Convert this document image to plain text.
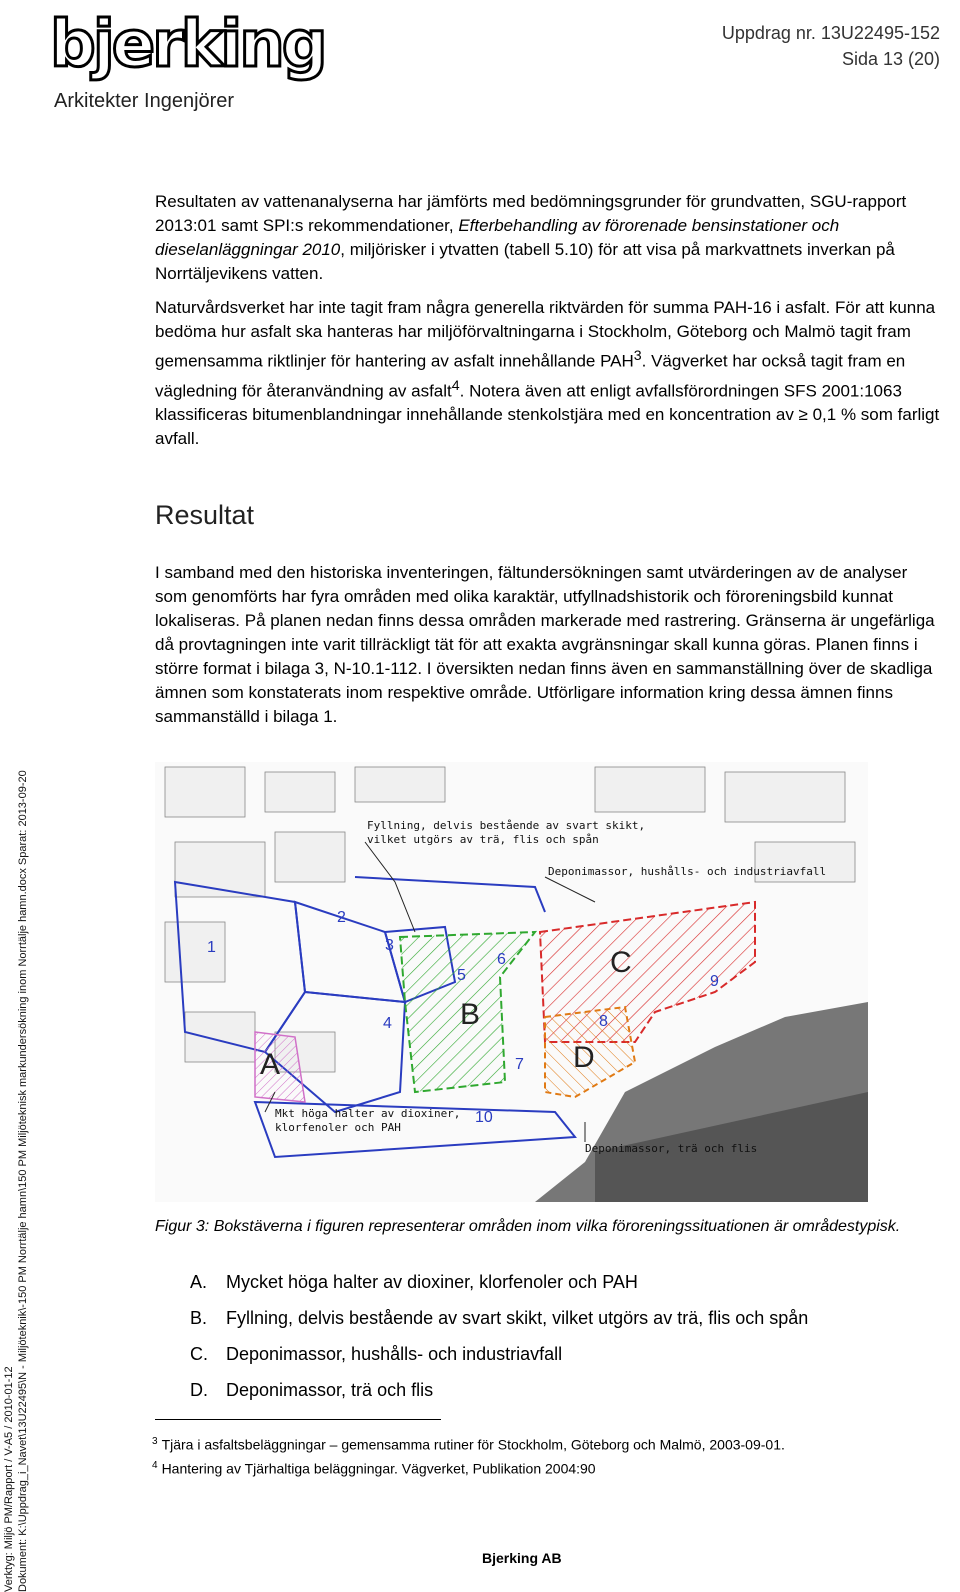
bjerking
Arkitekter Ingenjörer
Uppdrag nr. 13U22495-152
Sida 13 (20)

Resultaten av vattenanalyserna har jämförts med bedömningsgrunder för grundvatten, SGU-rapport 2013:01 samt SPI:s rekommendationer, Efterbehandling av förorenade bensinstationer och dieselanläggningar 2010, miljörisker i ytvatten (tabell 5.10) för att visa på markvattnets inverkan på Norrtäljevikens vatten.

Naturvårdsverket har inte tagit fram några generella riktvärden för summa PAH-16 i asfalt. För att kunna bedöma hur asfalt ska hanteras har miljöförvaltningarna i Stockholm, Göteborg och Malmö tagit fram gemensamma riktlinjer för hantering av asfalt innehållande PAH$^3$. Vägverket har också tagit fram en vägledning för återanvändning av asfalt$^4$. Notera även att enligt avfallsförordningen SFS 2001:1063 klassificeras bitumenblandningar innehållande stenkolstjära med en koncentration av ≥ 0,1 % som farligt avfall.

Resultat

I samband med den historiska inventeringen, fältundersökningen samt utvärderingen av de analyser som genomförts har fyra områden med olika karaktär, utfyllnadshistorik och föroreningsbild kunnat lokaliseras. På planen nedan finns dessa områden markerade med rastrering. Gränserna är ungefärliga då provtagningen inte varit tillräckligt tät för att exakta avgränsningar skall kunna göras. Planen finns i större format i bilaga 3, N-10.1-112. I översikten nedan finns även en sammanställning över de skadliga ämnen som konstaterats inom respektive område. Utförligare information kring dessa ämnen finns sammanställd i bilaga 1.

Fyllning, delvis bestående av svart skikt,
vilket utgörs av trä, flis och spån
Deponimassor, hushålls- och industriavfall
Mkt höga halter av dioxiner,
klorfenoler och PAH
Deponimassor, trä och flis
1
2
3
4
5
6
7
8
9
10
A
B
C
D
Figur 3: Bokstäverna i figuren representerar områden inom vilka föroreningssituationen är områdestypisk.
A.	Mycket höga halter av dioxiner, klorfenoler och PAH
B.	Fyllning, delvis bestående av svart skikt, vilket utgörs av trä, flis och spån
C.	Deponimassor, hushålls- och industriavfall
D.	Deponimassor, trä och flis
$^3$ Tjära i asfaltsbeläggningar – gemensamma rutiner för Stockholm, Göteborg och Malmö, 2003-09-01.
$^4$ Hantering av Tjärhaltiga beläggningar. Vägverket, Publikation 2004:90
Verktyg: Miljö PM/Rapport / V-A5 / 2010-01-12 Dokument: K:\Uppdrag_i_Navet\13U22495\N - Miljöteknik\-150 PM Norrtälje hamn\150 PM Miljöteknisk markundersökning inom Norrtälje hamn.docx Sparat: 2013-09-20	Bjerking AB
